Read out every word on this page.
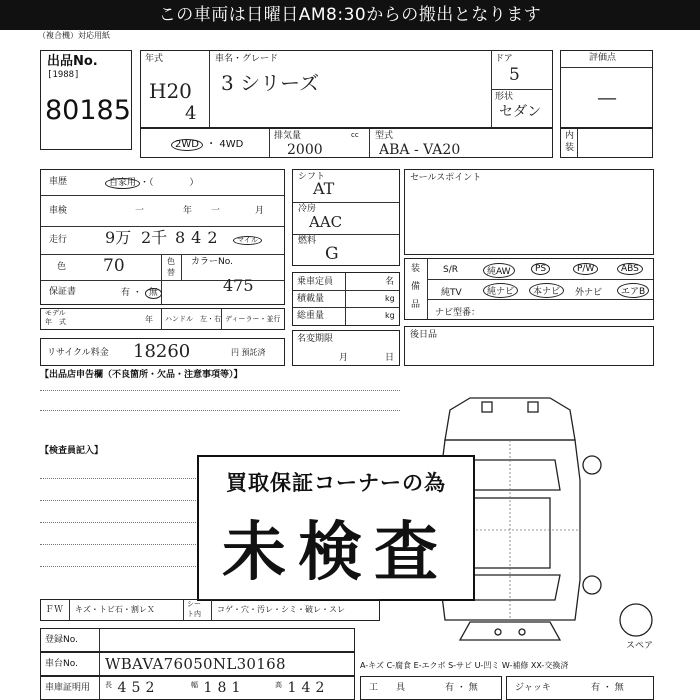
この車両は日曜日AM8:30からの搬出となります
（複合機）対応用紙
出品No.
[1988]
80185
年式
H20
4
車名・グレード
3 シリーズ
ドア
5
形状
セダン
評価点
—
内
装
2WD ・ 4WD
排気量	cc
2000
型式
ABA - VA20
車歴	自家用 ・（　　　　）
車検	一	年 一	月
走行 9万 2千 842	マイル
色 70	色
替
カラーNo.
475
保証書	有 ・ 無
モデル
年　式	年 ハンドル　左・右 ディーラー・並行
リサイクル料金 18260	円 預託済
シフト
AT
冷房
AAC
燃料
G
乗車定員	名
積載量	kg
総重量	kg
名変期限
月	日
セールスポイント
装
備
品
S/R	純AW	PS	P/W	ABS
純TV	純ナビ	本ナビ	外ナビ	エアB
ナビ型番：
後日品
【出品店申告欄（不良箇所・欠品・注意事項等）】
【検査員記入】
スペア
買取保証コーナーの為
未検査
ＦＷ キズ・トビ石・割レＸ
シー
ト内 コゲ・穴・汚レ・シミ・破レ・スレ
登録No.
車台No. WBAVA76050NL30168
車庫証明用 長 4 5 2	幅 1 8 1	高 1 4 2
A-キズ C-腐食 E-エクボ S-サビ U-凹ミ W-補修 XX-交換済
工　　具	有 ・ 無	ジャッキ	有 ・ 無
